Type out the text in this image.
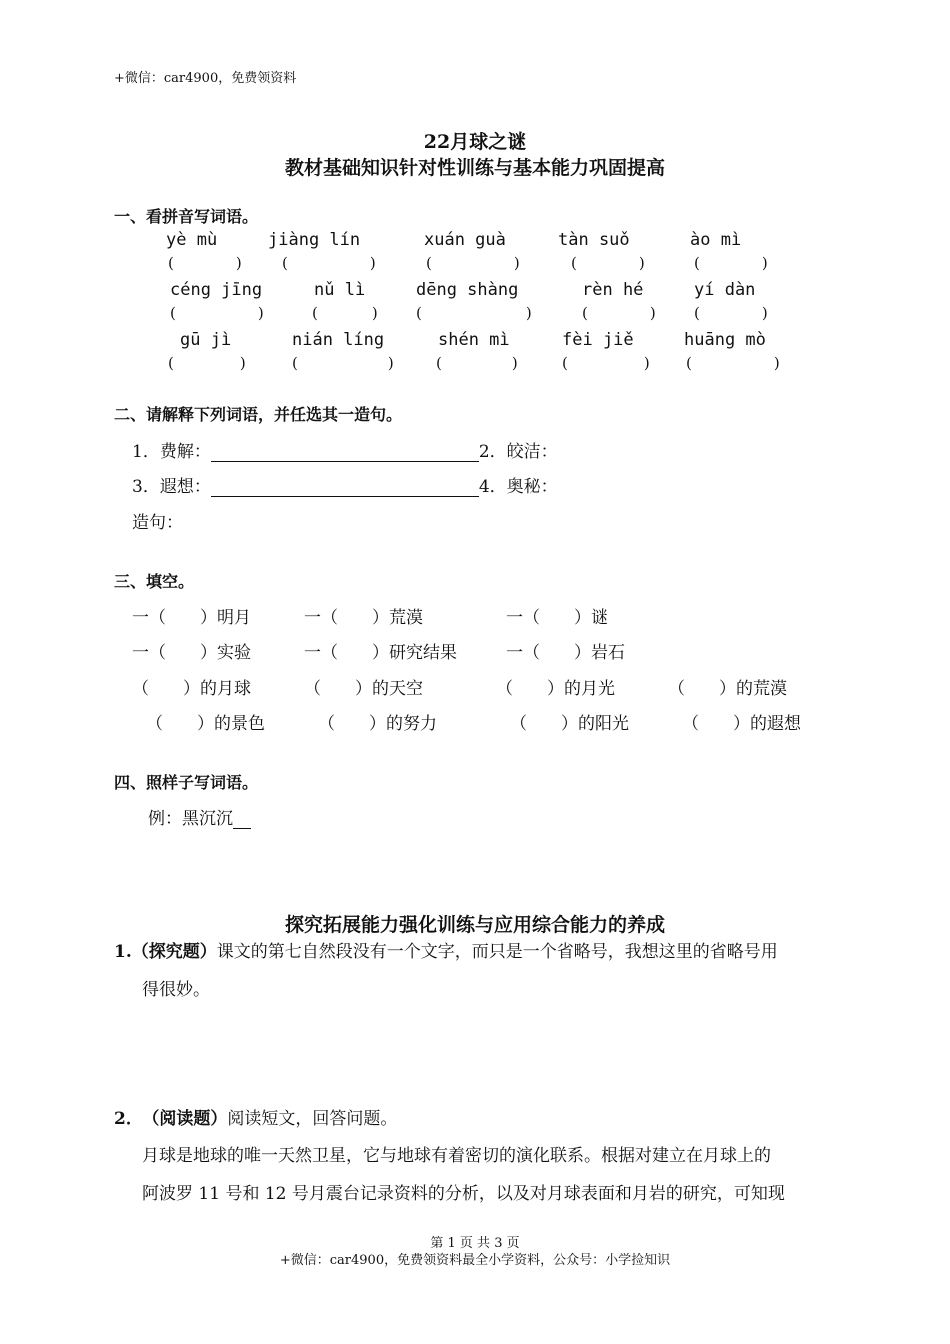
+微信：car4900，免费领资料
22月球之谜
教材基础知识针对性训练与基本能力巩固提高
一、看拼音写词语。
yè mù	jiàng lín	xuán guà	tàn suǒ	ào mì
(	)	(	)	(	)	(	)	(	)
céng jīng	nǔ lì	dēng shàng	rèn hé	yí dàn
(	)	(	)	(	)	(	)	(	)
gū jì	nián líng	shén mì	fèi jiě	huāng mò
(	)	(	)	(	)	(	) (	)
二、请解释下列词语，并任选其一造句。
1．费解：	2．皎洁：
3．遐想：	4．奥秘：
造句：
三、填空。
一（　　）明月	一（　　）荒漠	一（　　）谜
一（　　）实验	一（　　）研究结果	一（　　）岩石
（　　）的月球	（　　）的天空	（　　）的月光	（　　）的荒漠
（　　）的景色	（　　）的努力	（　　）的阳光	（　　）的遐想
四、照样子写词语。
例：黑沉沉
探究拓展能力强化训练与应用综合能力的养成
1.（探究题）课文的第七自然段没有一个文字，而只是一个省略号，我想这里的省略号用
得很妙。
2． （阅读题）阅读短文，回答问题。
月球是地球的唯一天然卫星，它与地球有着密切的演化联系。根据对建立在月球上的
阿波罗 11 号和 12 号月震台记录资料的分析，以及对月球表面和月岩的研究，可知现
第 1 页 共 3 页
+微信：car4900，免费领资料最全小学资料，公众号：小学捡知识
